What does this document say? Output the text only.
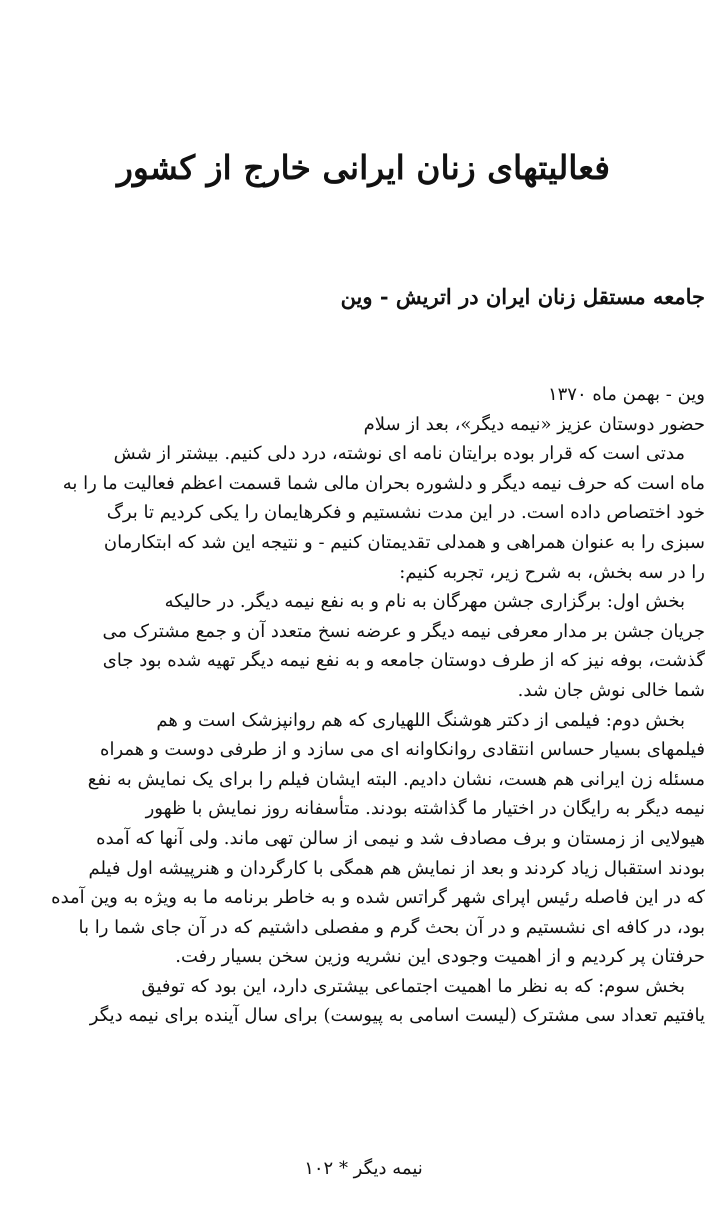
فعالیتهای زنان ایرانی خارج از کشور
جامعه مستقل زنان ایران در اتریش - وین
وین - بهمن ماه ۱۳۷۰
حضور دوستان عزیز «نیمه دیگر»، بعد از سلام
مدتی است که قرار بوده برایتان نامه ای نوشته، درد دلی کنیم. بیشتر از شش
ماه است که حرف نیمه دیگر و دلشوره بحران مالی شما قسمت اعظم فعالیت ما را به
خود اختصاص داده است. در این مدت نشستیم و فکرهایمان را یکی کردیم تا برگ
سبزی را به عنوان همراهی و همدلی تقدیمتان کنیم - و نتیجه این شد که ابتکارمان
را در سه بخش، به شرح زیر، تجربه کنیم:
بخش اول: برگزاری جشن مهرگان به نام و به نفع نیمه دیگر. در حالیکه
جریان جشن بر مدار معرفی نیمه دیگر و عرضه نسخ متعدد آن و جمع مشترک می
گذشت، بوفه نیز که از طرف دوستان جامعه و به نفع نیمه دیگر تهیه شده بود جای
شما خالی نوش جان شد.
بخش دوم: فیلمی از دکتر هوشنگ اللهیاری که هم روانپزشک است و هم
فیلمهای بسیار حساس انتقادی روانکاوانه ای می سازد و از طرفی دوست و همراه
مسئله زن ایرانی هم هست، نشان دادیم. البته ایشان فیلم را برای یک نمایش به نفع
نیمه دیگر به رایگان در اختیار ما گذاشته بودند. متأسفانه روز نمایش با ظهور
هیولایی از زمستان و برف مصادف شد و نیمی از سالن تهی ماند. ولی آنها که آمده
بودند استقبال زیاد کردند و بعد از نمایش هم همگی با کارگردان و هنرپیشه اول فیلم
که در این فاصله رئیس اپرای شهر گراتس شده و به خاطر برنامه ما به ویژه به وین آمده
بود، در کافه ای نشستیم و در آن بحث گرم و مفصلی داشتیم که در آن جای شما را با
حرفتان پر کردیم و از اهمیت وجودی این نشریه وزین سخن بسیار رفت.
بخش سوم: که به نظر ما اهمیت اجتماعی بیشتری دارد، این بود که توفیق
یافتیم تعداد سی مشترک (لیست اسامی به پیوست) برای سال آینده برای نیمه دیگر
نیمه دیگر * ۱۰۲
